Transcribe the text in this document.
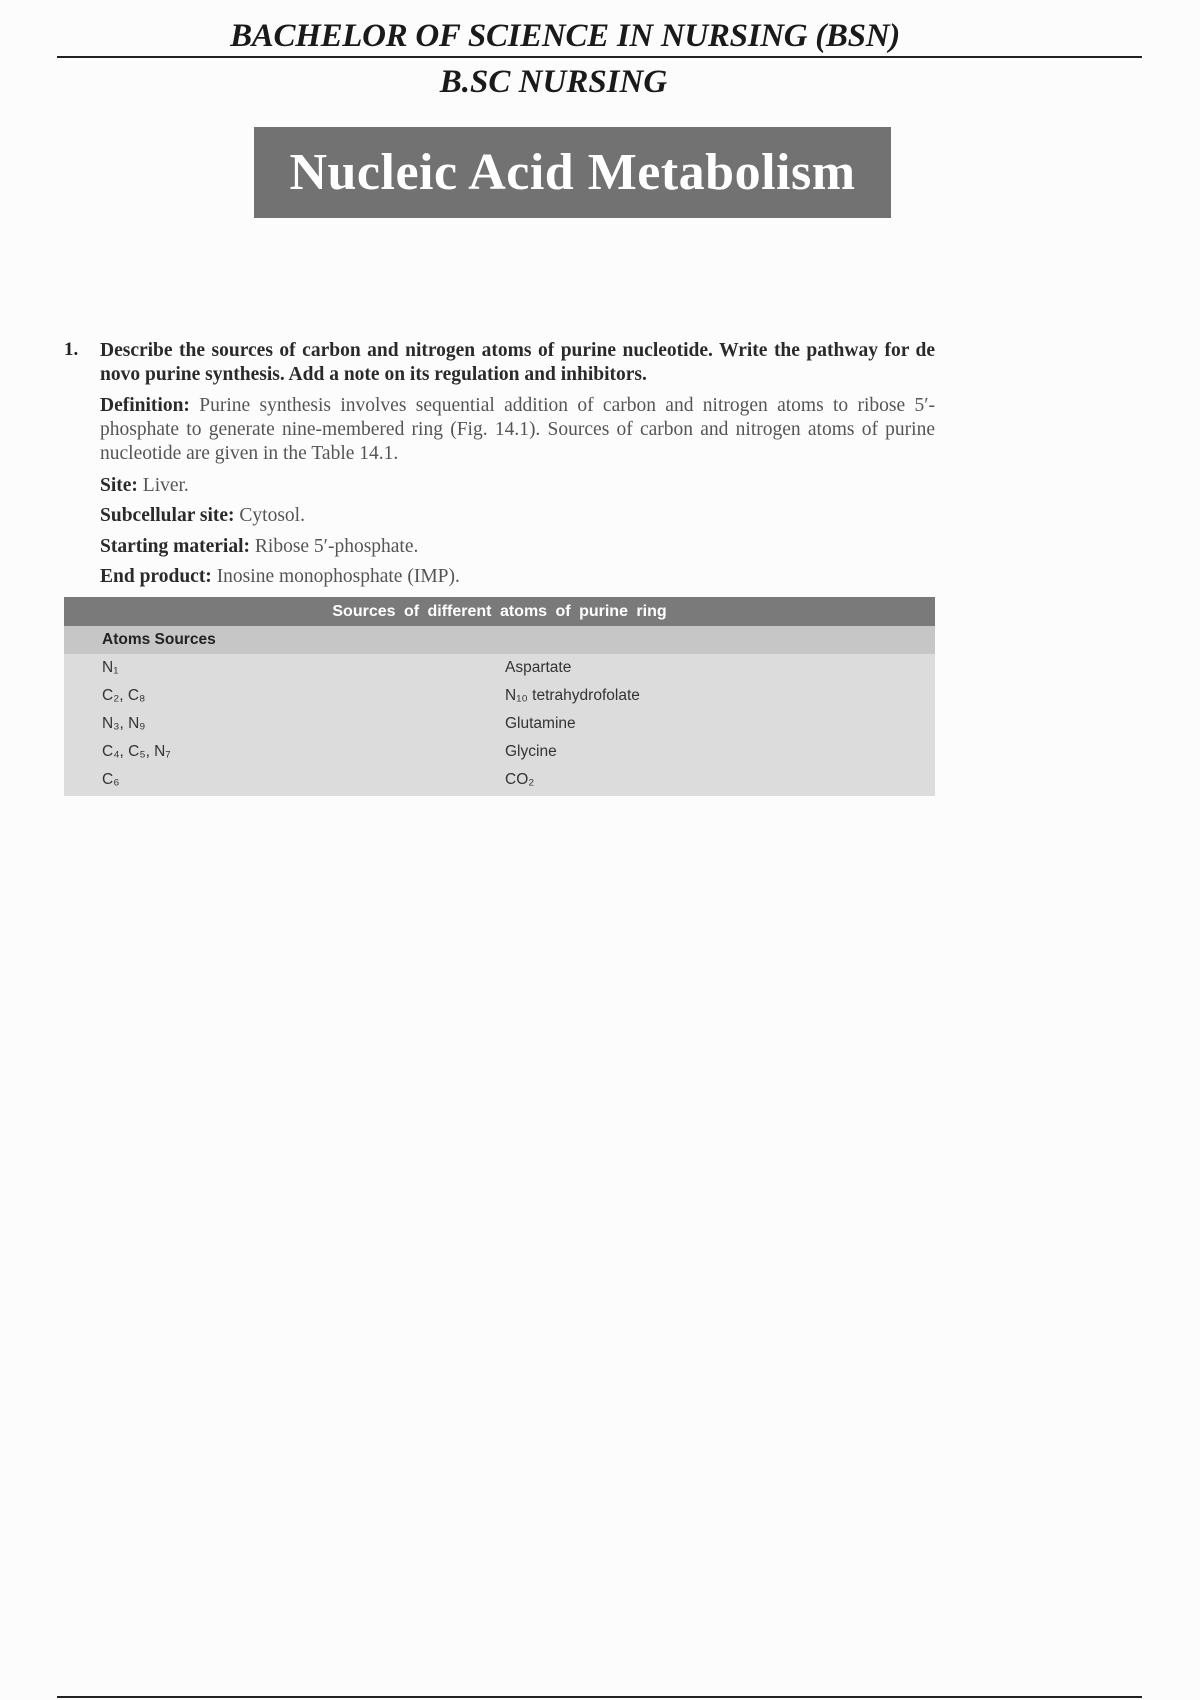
BACHELOR OF SCIENCE IN NURSING (BSN)
B.SC NURSING
Nucleic Acid Metabolism
1. Describe the sources of carbon and nitrogen atoms of purine nucleotide. Write the pathway for de novo purine synthesis. Add a note on its regulation and inhibitors.
Definition: Purine synthesis involves sequential addition of carbon and nitrogen atoms to ribose 5′-phosphate to generate nine-membered ring (Fig. 14.1). Sources of carbon and nitrogen atoms of purine nucleotide are given in the Table 14.1.
Site: Liver.
Subcellular site: Cytosol.
Starting material: Ribose 5′-phosphate.
End product: Inosine monophosphate (IMP).
Sources of different atoms of purine ring
Atoms Sources
N₁	Aspartate
C₂, C₈	N₁₀ tetrahydrofolate
N₃, N₉	Glutamine
C₄, C₅, N₇	Glycine
C₆	CO₂
